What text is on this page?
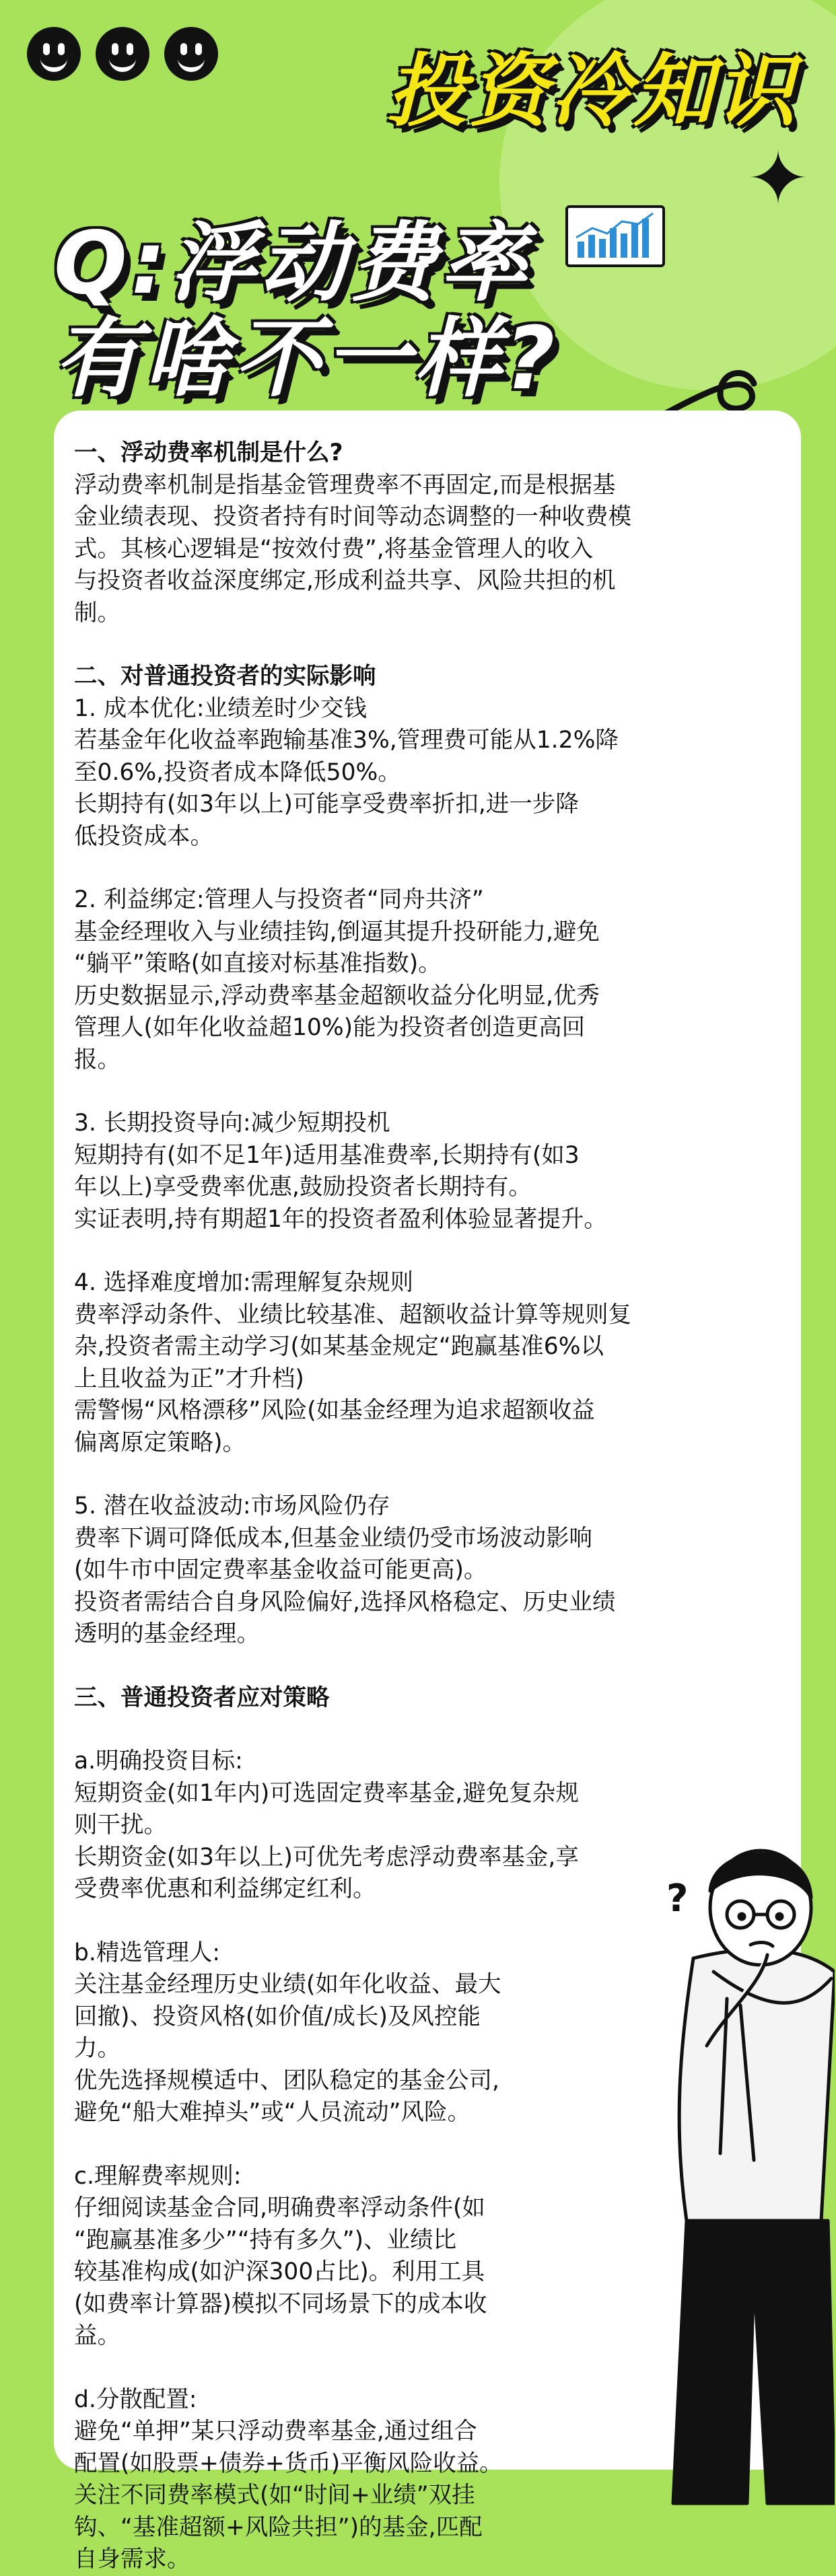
投资冷知识
✦
Q:浮动费率
有啥不一样?

一、浮动费率机制是什么?

浮动费率机制是指基金管理费率不再固定,而是根据基
金业绩表现、投资者持有时间等动态调整的一种收费模
式。其核心逻辑是“按效付费”,将基金管理人的收入
与投资者收益深度绑定,形成利益共享、风险共担的机
制。

二、对普通投资者的实际影响

1. 成本优化:业绩差时少交钱
若基金年化收益率跑输基准3%,管理费可能从1.2%降
至0.6%,投资者成本降低50%。
长期持有(如3年以上)可能享受费率折扣,进一步降
低投资成本。

2. 利益绑定:管理人与投资者“同舟共济”
基金经理收入与业绩挂钩,倒逼其提升投研能力,避免
“躺平”策略(如直接对标基准指数)。
历史数据显示,浮动费率基金超额收益分化明显,优秀
管理人(如年化收益超10%)能为投资者创造更高回
报。

3. 长期投资导向:减少短期投机
短期持有(如不足1年)适用基准费率,长期持有(如3
年以上)享受费率优惠,鼓励投资者长期持有。
实证表明,持有期超1年的投资者盈利体验显著提升。

4. 选择难度增加:需理解复杂规则
费率浮动条件、业绩比较基准、超额收益计算等规则复
杂,投资者需主动学习(如某基金规定“跑赢基准6%以
上且收益为正”才升档)
需警惕“风格漂移”风险(如基金经理为追求超额收益
偏离原定策略)。

5. 潜在收益波动:市场风险仍存
费率下调可降低成本,但基金业绩仍受市场波动影响
(如牛市中固定费率基金收益可能更高)。
投资者需结合自身风险偏好,选择风格稳定、历史业绩
透明的基金经理。

三、普通投资者应对策略

a.明确投资目标:
短期资金(如1年内)可选固定费率基金,避免复杂规
则干扰。
长期资金(如3年以上)可优先考虑浮动费率基金,享
受费率优惠和利益绑定红利。

b.精选管理人:
关注基金经理历史业绩(如年化收益、最大
回撤)、投资风格(如价值/成长)及风控能
力。
优先选择规模适中、团队稳定的基金公司,
避免“船大难掉头”或“人员流动”风险。

c.理解费率规则:
仔细阅读基金合同,明确费率浮动条件(如
“跑赢基准多少”“持有多久”)、业绩比
较基准构成(如沪深300占比)。利用工具
(如费率计算器)模拟不同场景下的成本收
益。

d.分散配置:
避免“单押”某只浮动费率基金,通过组合
配置(如股票+债券+货币)平衡风险收益。
关注不同费率模式(如“时间+业绩”双挂
钩、“基准超额+风险共担”)的基金,匹配
自身需求。

?
